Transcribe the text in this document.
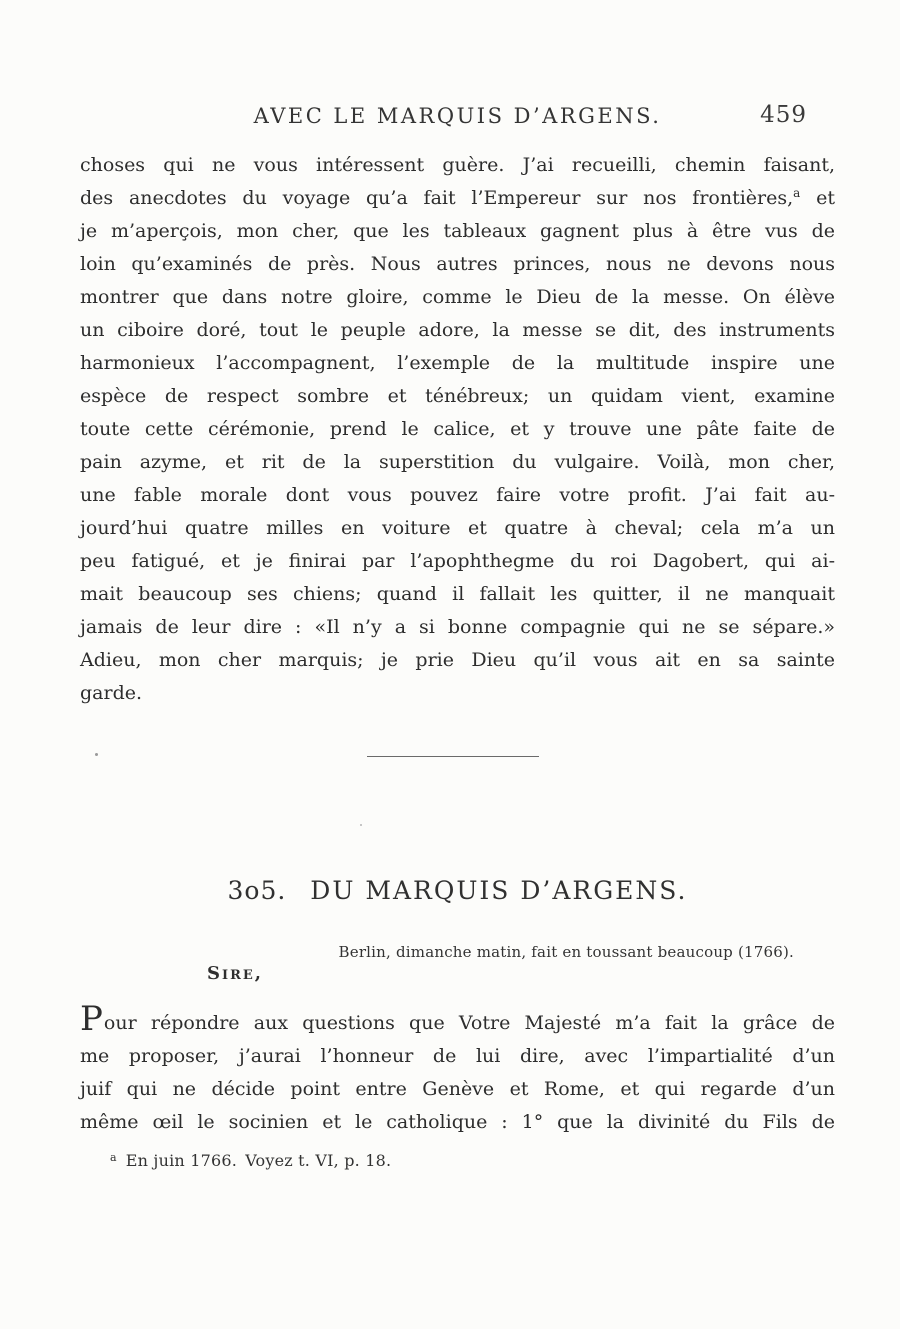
AVEC LE MARQUIS D’ARGENS.	459
choses qui ne vous intéressent guère. J’ai recueilli, chemin faisant,
des anecdotes du voyage qu’a fait l’Empereur sur nos frontières,$^a$ et
je m’aperçois, mon cher, que les tableaux gagnent plus à être vus de
loin qu’examinés de près. Nous autres princes, nous ne devons nous
montrer que dans notre gloire, comme le Dieu de la messe. On élève
un ciboire doré, tout le peuple adore, la messe se dit, des instruments
harmonieux l’accompagnent, l’exemple de la multitude inspire une
espèce de respect sombre et ténébreux; un quidam vient, examine
toute cette cérémonie, prend le calice, et y trouve une pâte faite de
pain azyme, et rit de la superstition du vulgaire. Voilà, mon cher,
une fable morale dont vous pouvez faire votre profit. J’ai fait au-
jourd’hui quatre milles en voiture et quatre à cheval; cela m’a un
peu fatigué, et je finirai par l’apophthegme du roi Dagobert, qui ai-
mait beaucoup ses chiens; quand il fallait les quitter, il ne manquait
jamais de leur dire : «Il n’y a si bonne compagnie qui ne se sépare.»
Adieu, mon cher marquis; je prie Dieu qu’il vous ait en sa sainte
garde.
3o5. DU MARQUIS D’ARGENS.
Berlin, dimanche matin, fait en toussant beaucoup (1766).
Sire,
Pour répondre aux questions que Votre Majesté m’a fait la grâce de
me proposer, j’aurai l’honneur de lui dire, avec l’impartialité d’un
juif qui ne décide point entre Genève et Rome, et qui regarde d’un
même œil le socinien et le catholique : 1° que la divinité du Fils de
$^a$ En juin 1766. Voyez t. VI, p. 18.
